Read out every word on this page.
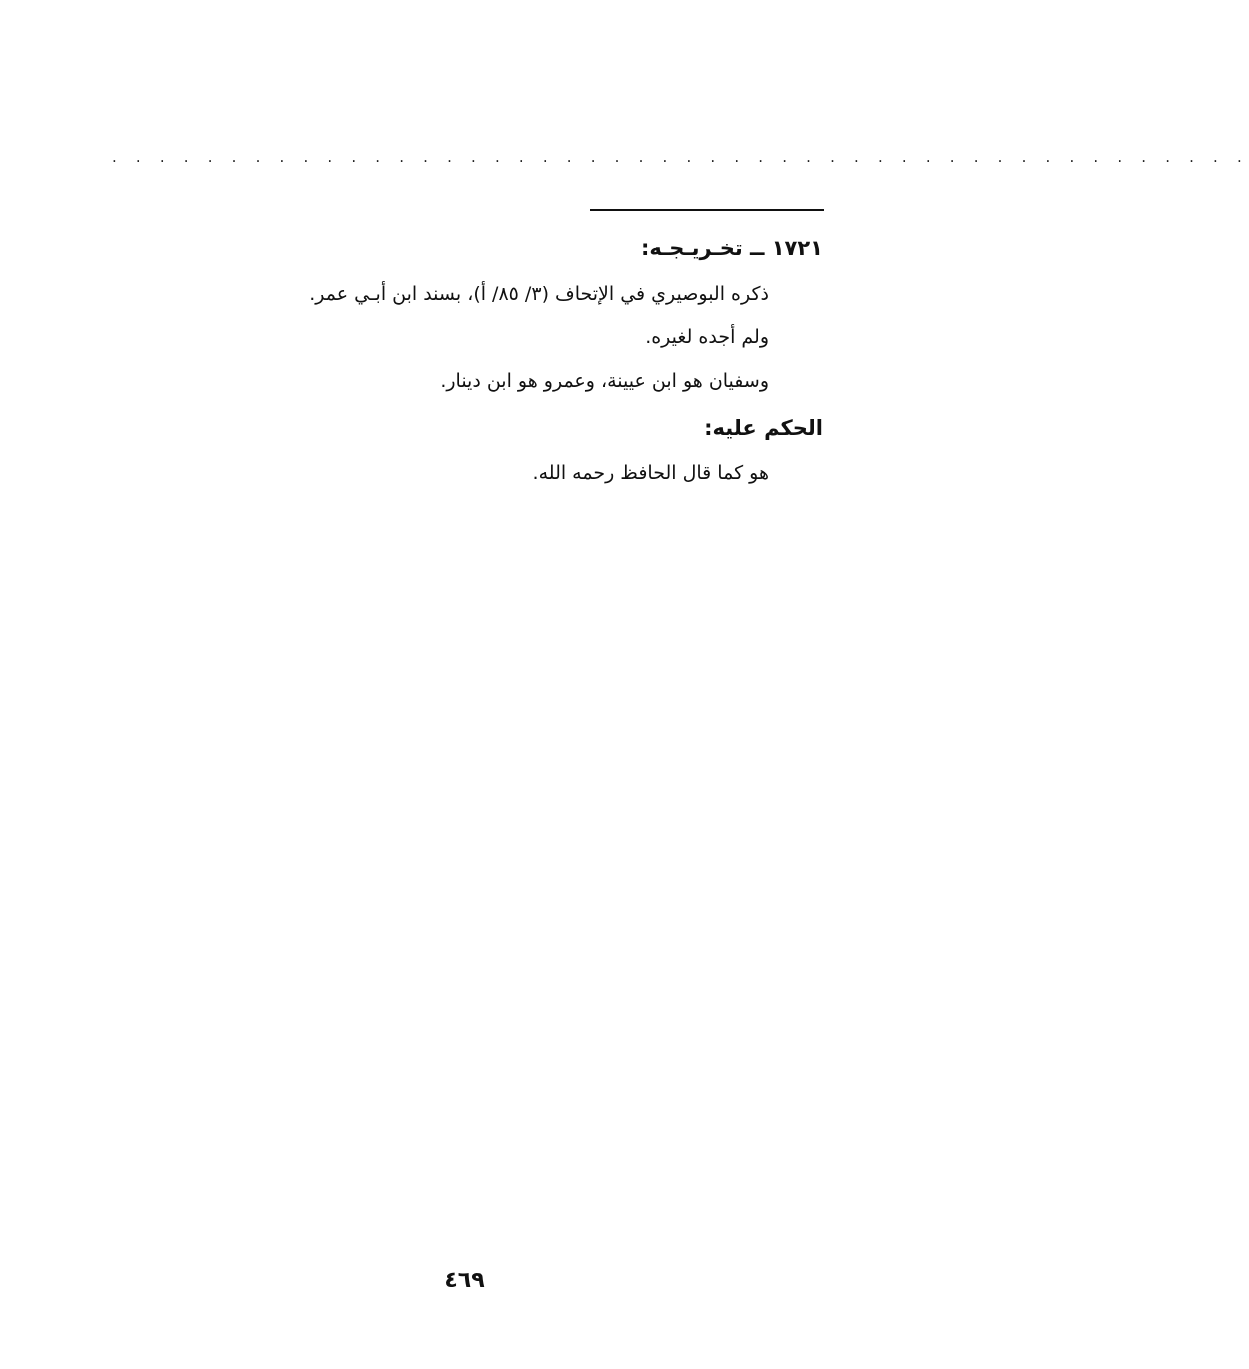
. . . . . . . . . . . . . . . . . . . . . . . . . . . . . . . . . . . . . . . . . . . . . . . .
١٧٢١ ــ تخـريـجـه:
ذكره البوصيري في الإتحاف (٣/ ٨٥/ أ)، بسند ابن أبـي عمر.
ولم أجده لغيره.
وسفيان هو ابن عيينة، وعمرو هو ابن دينار.
الحكم عليه:
هو كما قال الحافظ رحمه الله.
٤٦٩
